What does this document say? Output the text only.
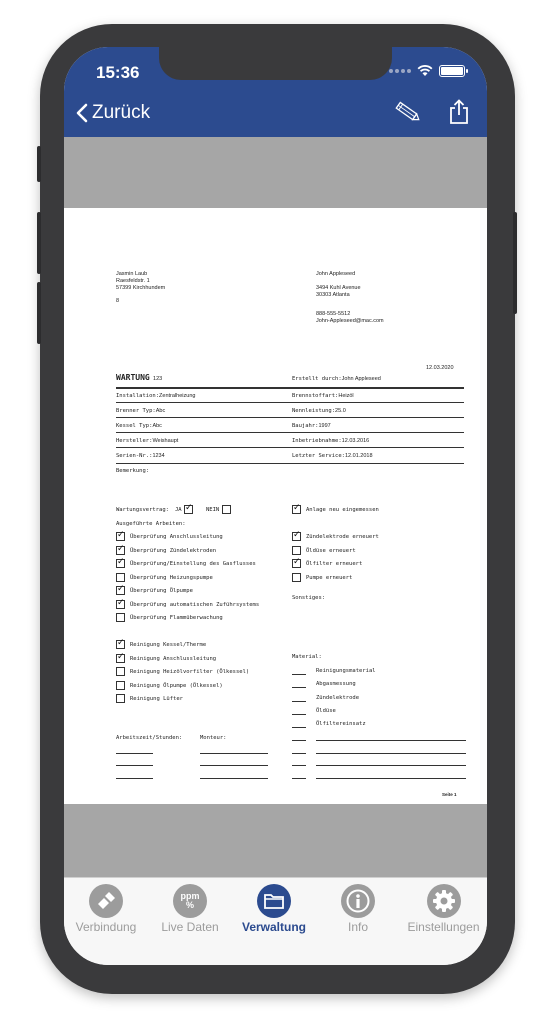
15:36
Zurück
Jasmin Laub
Raesfeldstr. 1
57399 Kirchhundem
8
John Appleseed
3494 Kuhl Avenue
30303 Atlanta
888-555-5512
John-Appleseed@mac.com
12.03.2020
WARTUNG 123	Erstellt durch:John Appleseed
Installation:Zentralheizung	Brennstoffart:Heizöl
Brenner Typ:Abc	Nennleistung:25.0
Kessel Typ:Abc	Baujahr:1997
Hersteller:Weishaupt	Inbetriebnahme:12.03.2016
Serien-Nr.:1234	Letzter Service:12.01.2018
Bemerkung:
Wartungsvertrag: JA ✓	NEIN ✓	Anlage neu eingemessen
Ausgeführte Arbeiten:
Sonstiges:
Material:
Arbeitszeit/Stunden:	Monteur:
Seite 1
✓
Überprüfung Anschlussleitung
✓
Überprüfung Zündelektroden
✓
Überprüfung/Einstellung des Gasflusses
Überprüfung Heizungspumpe
✓
Überprüfung Ölpumpe
✓
Überprüfung automatischen Zuführsystems
Überprüfung Flammüberwachung
✓
Zündelektrode erneuert
Öldüse erneuert
✓
Ölfilter erneuert
Pumpe erneuert
✓
Reinigung Kessel/Therme
✓
Reinigung Anschlussleitung
Reinigung Heizölvorfilter (Ölkessel)
Reinigung Ölpumpe (Ölkessel)
Reinigung Lüfter
Reinigungsmaterial
Abgasmessung
Zündelektrode
Öldüse
Ölfiltereinsatz
Verbindung
ppm
%
Live Daten	Verwaltung	Info	Einstellungen
